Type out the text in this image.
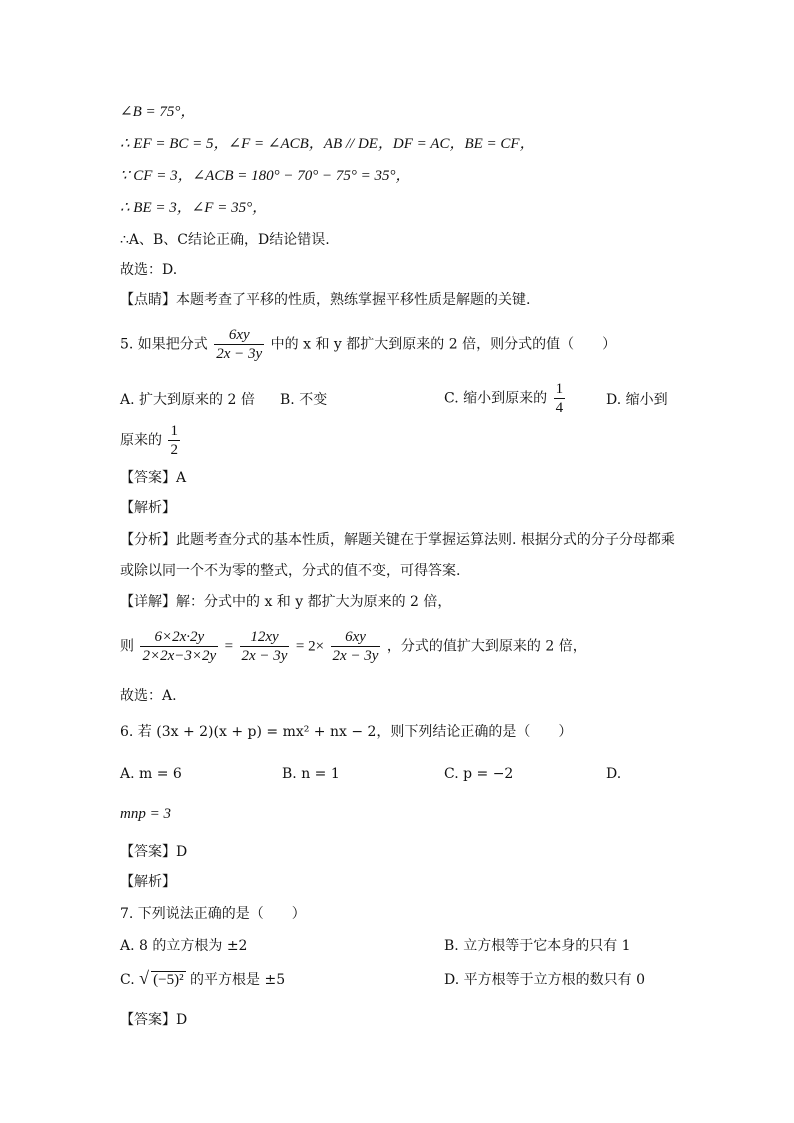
∠B = 75°，
∴ EF = BC = 5，∠F = ∠ACB，AB // DE，DF = AC，BE = CF，
∵ CF = 3，∠ACB = 180° − 70° − 75° = 35°，
∴ BE = 3，∠F = 35°，
∴A、B、C结论正确，D结论错误.
故选：D.
【点睛】本题考查了平移的性质，熟练掌握平移性质是解题的关键.
5. 如果把分式 $\frac{6xy}{2x - 3y}$ 中的 x 和 y 都扩大到原来的 2 倍，则分式的值（　　）
A. 扩大到原来的 2 倍 B. 不变	C. 缩小到原来的 $\frac{1}{4}$	D. 缩小到
原来的 $\frac{1}{2}$
【答案】A
【解析】
【分析】此题考查分式的基本性质，解题关键在于掌握运算法则. 根据分式的分子分母都乘
或除以同一个不为零的整式，分式的值不变，可得答案.
【详解】解：分式中的 x 和 y 都扩大为原来的 2 倍，
则 $\frac{6\times 2x\cdot 2y}{2\times 2x-3\times 2y} = \frac{12xy}{2x - 3y} = 2\times \frac{6xy}{2x - 3y}$ ，分式的值扩大到原来的 2 倍，
故选：A.
6. 若 (3x + 2)(x + p) = mx² + nx − 2，则下列结论正确的是（　　）
A. m = 6	B. n = 1	C. p = −2	D.
mnp = 3
【答案】D
【解析】
7. 下列说法正确的是（　　）
A. 8 的立方根为 ±2	B. 立方根等于它本身的只有 1
C. √ (−5)² 的平方根是 ±5	D. 平方根等于立方根的数只有 0
【答案】D
